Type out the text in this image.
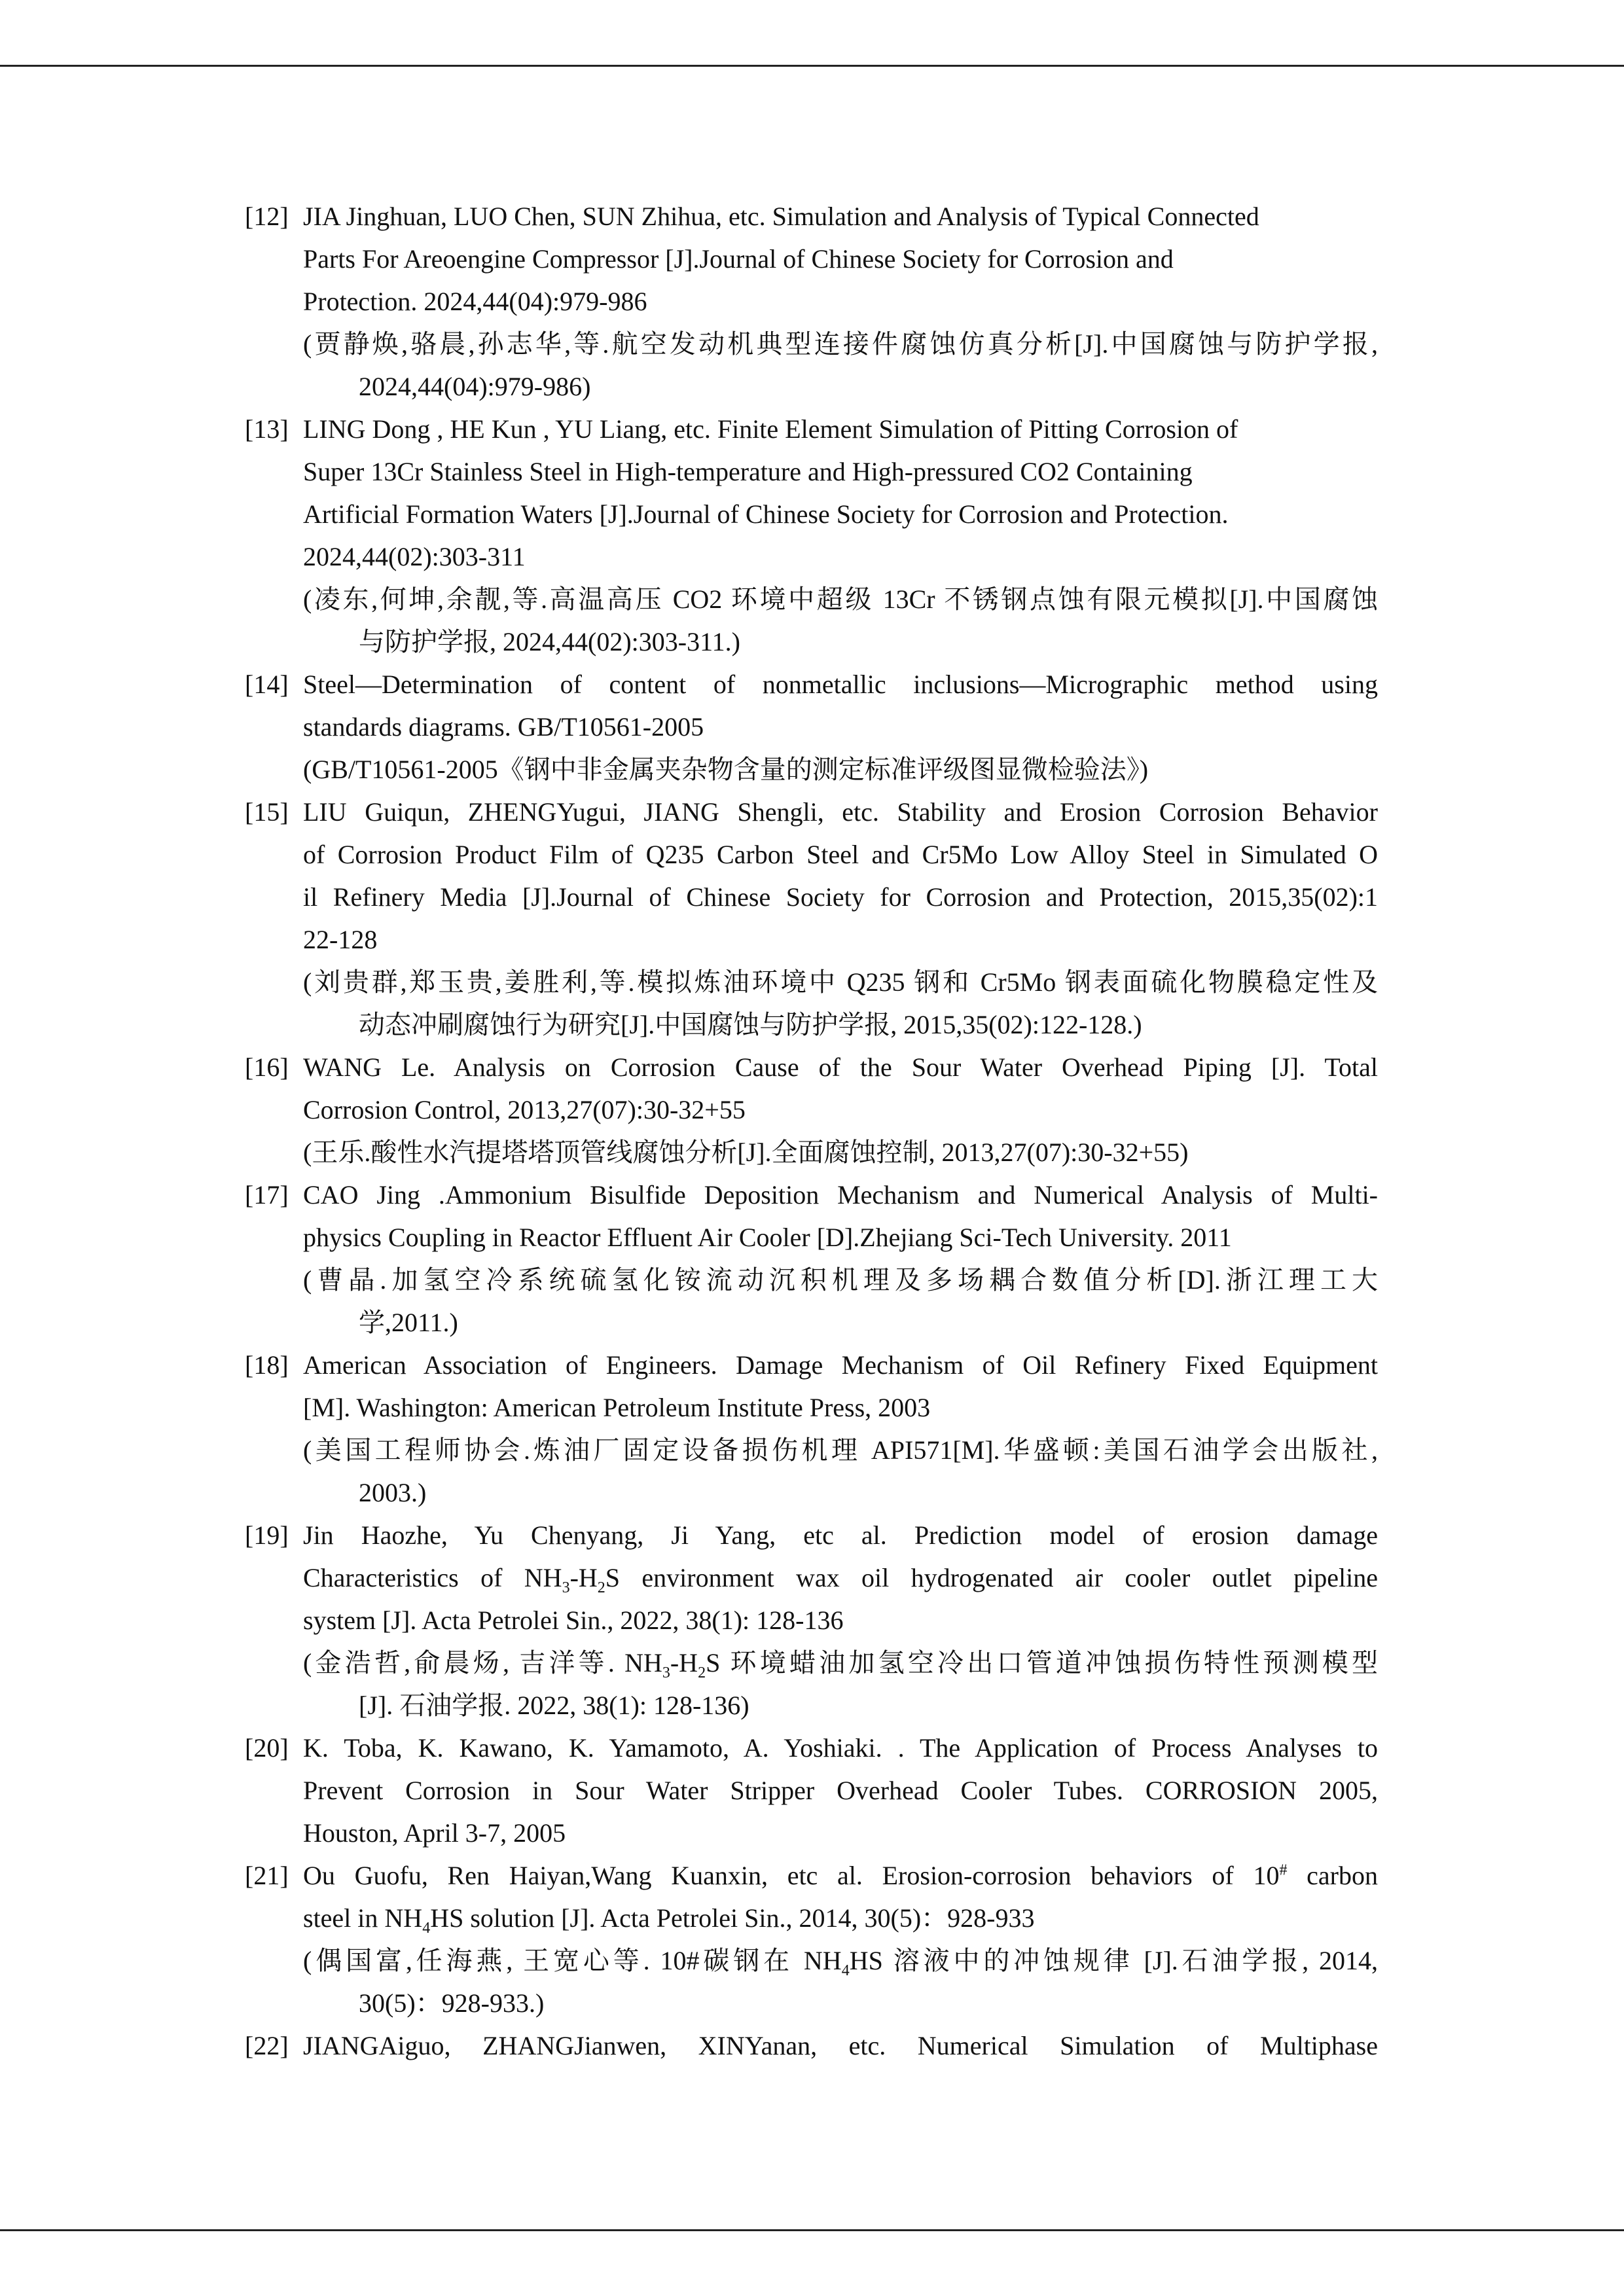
[12] JIA Jinghuan, LUO Chen, SUN Zhihua, etc. Simulation and Analysis of Typical Connected
Parts For Areoengine Compressor [J].Journal of Chinese Society for Corrosion and
Protection. 2024,44(04):979-986
(贾静焕,骆晨,孙志华,等.航空发动机典型连接件腐蚀仿真分析[J].中国腐蚀与防护学报,
2024,44(04):979-986)
[13] LING Dong , HE Kun , YU Liang, etc. Finite Element Simulation of Pitting Corrosion of
Super 13Cr Stainless Steel in High-temperature and High-pressured CO2 Containing
Artificial Formation Waters [J].Journal of Chinese Society for Corrosion and Protection.
2024,44(02):303-311
(凌东,何坤,余靓,等.高温高压 CO2 环境中超级 13Cr 不锈钢点蚀有限元模拟[J].中国腐蚀
与防护学报, 2024,44(02):303-311.)
[14] Steel—Determination of content of nonmetallic inclusions—Micrographic method using
standards diagrams. GB/T10561-2005
(GB/T10561-2005《钢中非金属夹杂物含量的测定标准评级图显微检验法》)
[15] LIU Guiqun, ZHENGYugui, JIANG Shengli, etc. Stability and Erosion Corrosion Behavior
of Corrosion Product Film of Q235 Carbon Steel and Cr5Mo Low Alloy Steel in Simulated O
il Refinery Media [J].Journal of Chinese Society for Corrosion and Protection, 2015,35(02):1
22-128
(刘贵群,郑玉贵,姜胜利,等.模拟炼油环境中 Q235 钢和 Cr5Mo 钢表面硫化物膜稳定性及
动态冲刷腐蚀行为研究[J].中国腐蚀与防护学报, 2015,35(02):122-128.)
[16] WANG Le. Analysis on Corrosion Cause of the Sour Water Overhead Piping [J]. Total
Corrosion Control, 2013,27(07):30-32+55
(王乐.酸性水汽提塔塔顶管线腐蚀分析[J].全面腐蚀控制, 2013,27(07):30-32+55)
[17] CAO Jing .Ammonium Bisulfide Deposition Mechanism and Numerical Analysis of Multi-
physics Coupling in Reactor Effluent Air Cooler [D].Zhejiang Sci-Tech University. 2011
(曹晶.加氢空冷系统硫氢化铵流动沉积机理及多场耦合数值分析[D].浙江理工大
学,2011.)
[18] American Association of Engineers. Damage Mechanism of Oil Refinery Fixed Equipment
[M]. Washington: American Petroleum Institute Press, 2003
(美国工程师协会.炼油厂固定设备损伤机理 API571[M].华盛顿:美国石油学会出版社,
2003.)
[19] Jin Haozhe, Yu Chenyang, Ji Yang, etc al. Prediction model of erosion damage
Characteristics of $NH_3-H_2S$ environment wax oil hydrogenated air cooler outlet pipeline
system [J]. Acta Petrolei Sin., 2022, 38(1): 128-136
(金浩哲,俞晨炀, 吉洋等. $NH_3-H_2S$ 环境蜡油加氢空冷出口管道冲蚀损伤特性预测模型
[J]. 石油学报. 2022, 38(1): 128-136)
[20] K. Toba, K. Kawano, K. Yamamoto, A. Yoshiaki. . The Application of Process Analyses to
Prevent Corrosion in Sour Water Stripper Overhead Cooler Tubes. CORROSION 2005,
Houston, April 3-7, 2005
[21] Ou Guofu, Ren Haiyan,Wang Kuanxin, etc al. Erosion-corrosion behaviors of 10# carbon
steel in $NH_4HS$ solution [J]. Acta Petrolei Sin., 2014, 30(5)：928-933
(偶国富,任海燕, 王宽心等. 10#碳钢在 $NH_4HS$ 溶液中的冲蚀规律 [J].石油学报, 2014,
30(5)：928-933.)
[22] JIANGAiguo, ZHANGJianwen, XINYanan, etc. Numerical Simulation of Multiphase
